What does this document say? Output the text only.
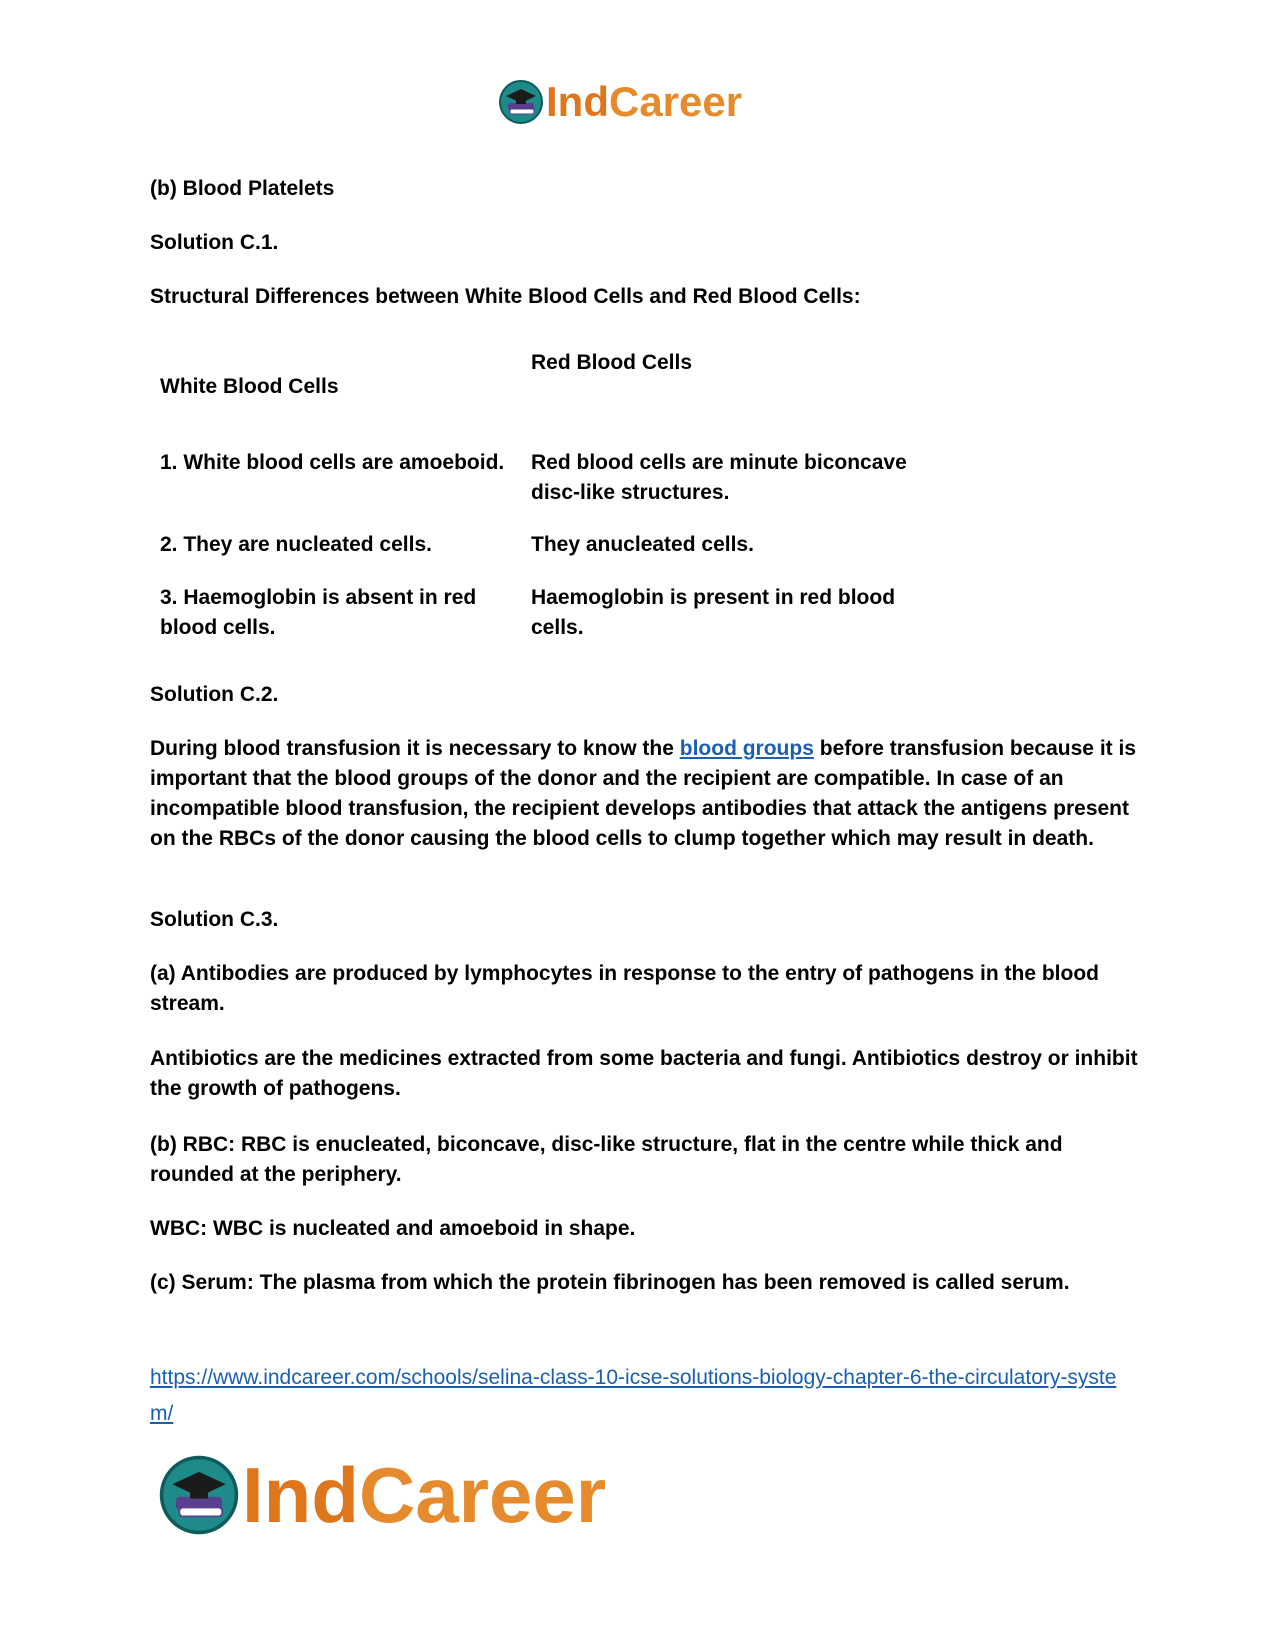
IndCareer
(b) Blood Platelets
Solution C.1.
Structural Differences between White Blood Cells and Red Blood Cells:
White Blood Cells
Red Blood Cells
1. White blood cells are amoeboid.	Red blood cells are minute biconcave disc-like structures.
2. They are nucleated cells.	They anucleated cells.
3. Haemoglobin is absent in red blood cells.
Haemoglobin is present in red blood cells.
Solution C.2.
During blood transfusion it is necessary to know the blood groups before transfusion because it is important that the blood groups of the donor and the recipient are compatible. In case of an incompatible blood transfusion, the recipient develops antibodies that attack the antigens present on the RBCs of the donor causing the blood cells to clump together which may result in death.
Solution C.3.
(a) Antibodies are produced by lymphocytes in response to the entry of pathogens in the blood stream.
Antibiotics are the medicines extracted from some bacteria and fungi. Antibiotics destroy or inhibit the growth of pathogens.
(b) RBC: RBC is enucleated, biconcave, disc-like structure, flat in the centre while thick and rounded at the periphery.
WBC: WBC is nucleated and amoeboid in shape.
(c) Serum: The plasma from which the protein fibrinogen has been removed is called serum.
https://www.indcareer.com/schools/selina-class-10-icse-solutions-biology-chapter-6-the-circulatory-system/
IndCareer
